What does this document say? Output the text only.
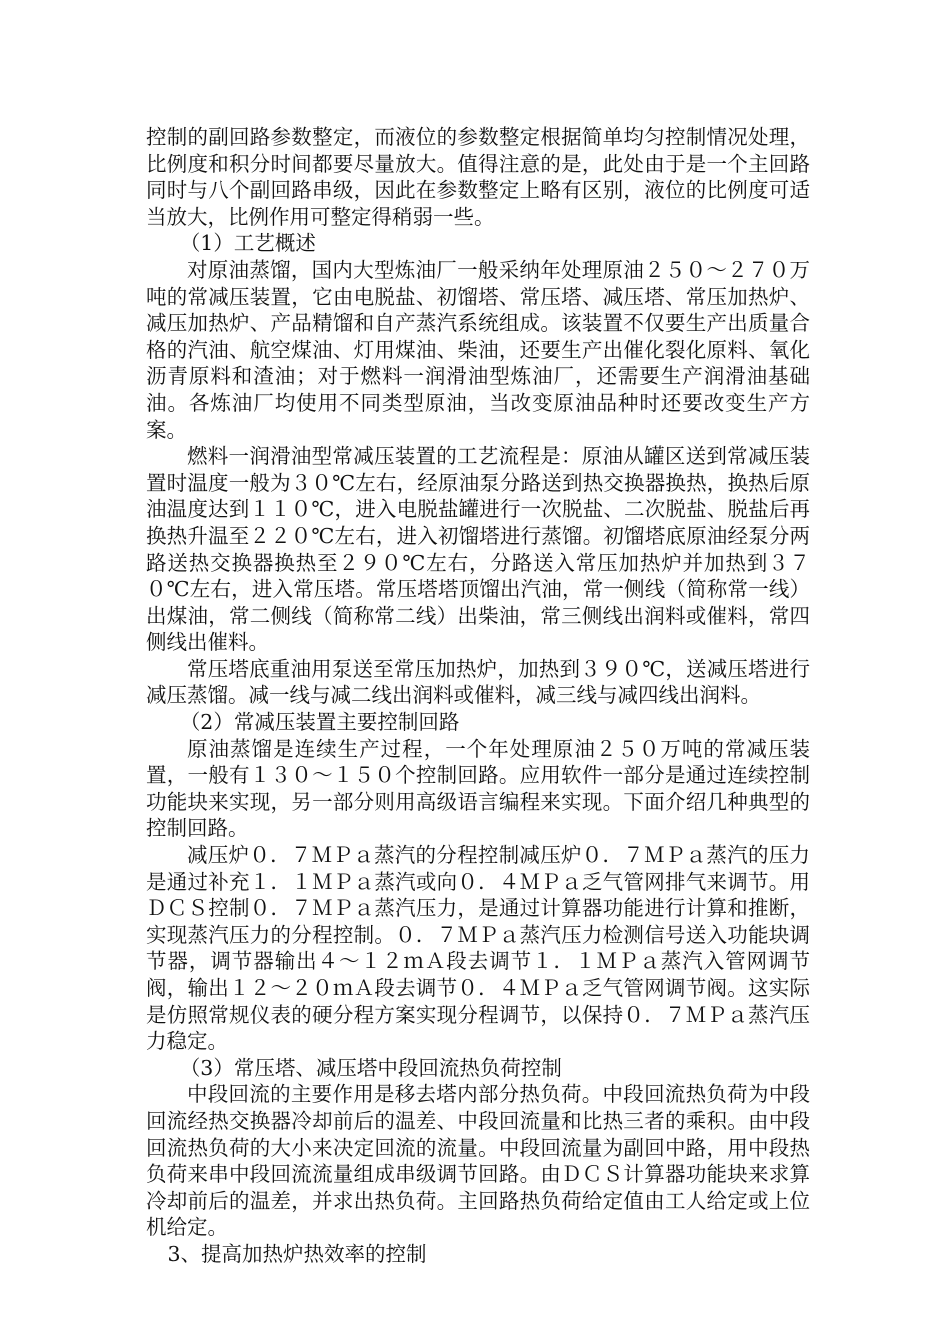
控制的副回路参数整定，而液位的参数整定根据简单均匀控制情况处理，比例度和积分时间都要尽量放大。值得注意的是，此处由于是一个主回路同时与八个副回路串级，因此在参数整定上略有区别，液位的比例度可适当放大，比例作用可整定得稍弱一些。

（1）工艺概述

对原油蒸馏，国内大型炼油厂一般采纳年处理原油２５０～２７０万吨的常减压装置，它由电脱盐、初馏塔、常压塔、减压塔、常压加热炉、减压加热炉、产品精馏和自产蒸汽系统组成。该装置不仅要生产出质量合格的汽油、航空煤油、灯用煤油、柴油，还要生产出催化裂化原料、氧化沥青原料和渣油；对于燃料一润滑油型炼油厂，还需要生产润滑油基础油。各炼油厂均使用不同类型原油，当改变原油品种时还要改变生产方案。

燃料一润滑油型常减压装置的工艺流程是：原油从罐区送到常减压装置时温度一般为３０℃左右，经原油泵分路送到热交换器换热，换热后原油温度达到１１０℃，进入电脱盐罐进行一次脱盐、二次脱盐、脱盐后再换热升温至２２０℃左右，进入初馏塔进行蒸馏。初馏塔底原油经泵分两路送热交换器换热至２９０℃左右，分路送入常压加热炉并加热到３７０℃左右，进入常压塔。常压塔塔顶馏出汽油，常一侧线（简称常一线）出煤油，常二侧线（简称常二线）出柴油，常三侧线出润料或催料，常四侧线出催料。

常压塔底重油用泵送至常压加热炉，加热到３９０℃，送减压塔进行减压蒸馏。减一线与减二线出润料或催料，减三线与减四线出润料。

（2）常减压装置主要控制回路

原油蒸馏是连续生产过程，一个年处理原油２５０万吨的常减压装置，一般有１３０～１５０个控制回路。应用软件一部分是通过连续控制功能块来实现，另一部分则用高级语言编程来实现。下面介绍几种典型的控制回路。

减压炉０．７ＭＰａ蒸汽的分程控制减压炉０．７ＭＰａ蒸汽的压力是通过补充１．１ＭＰａ蒸汽或向０．４ＭＰａ乏气管网排气来调节。用ＤＣＳ控制０．７ＭＰａ蒸汽压力，是通过计算器功能进行计算和推断，实现蒸汽压力的分程控制。０．７ＭＰａ蒸汽压力检测信号送入功能块调节器，调节器输出４～１２ｍＡ段去调节１．１ＭＰａ蒸汽入管网调节阀，输出１２～２０ｍＡ段去调节０．４ＭＰａ乏气管网调节阀。这实际是仿照常规仪表的硬分程方案实现分程调节，以保持０．７ＭＰａ蒸汽压力稳定。

（3）常压塔、减压塔中段回流热负荷控制

中段回流的主要作用是移去塔内部分热负荷。中段回流热负荷为中段回流经热交换器冷却前后的温差、中段回流量和比热三者的乘积。由中段回流热负荷的大小来决定回流的流量。中段回流量为副回中路，用中段热负荷来串中段回流流量组成串级调节回路。由ＤＣＳ计算器功能块来求算冷却前后的温差，并求出热负荷。主回路热负荷给定值由工人给定或上位机给定。

3、提高加热炉热效率的控制
